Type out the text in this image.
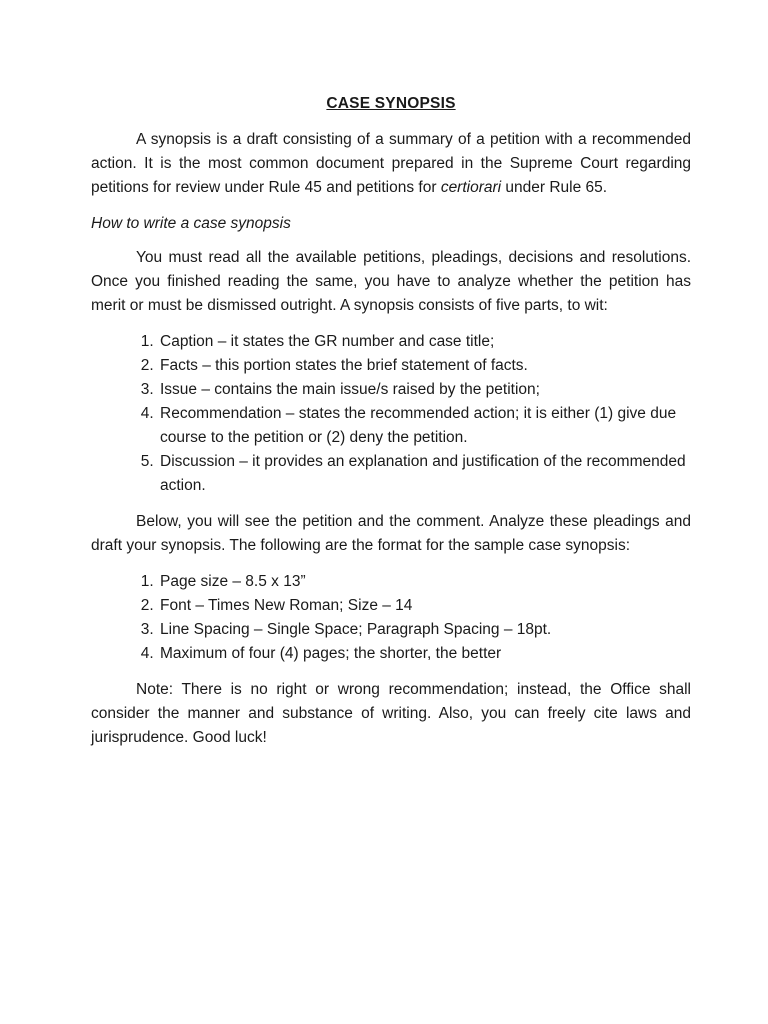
CASE SYNOPSIS

A synopsis is a draft consisting of a summary of a petition with a recommended action. It is the most common document prepared in the Supreme Court regarding petitions for review under Rule 45 and petitions for certiorari under Rule 65.

How to write a case synopsis

You must read all the available petitions, pleadings, decisions and resolutions. Once you finished reading the same, you have to analyze whether the petition has merit or must be dismissed outright. A synopsis consists of five parts, to wit:

1. Caption – it states the GR number and case title;
2. Facts – this portion states the brief statement of facts.
3. Issue – contains the main issue/s raised by the petition;
4. Recommendation – states the recommended action; it is either (1) give due course to the petition or (2) deny the petition.
5. Discussion – it provides an explanation and justification of the recommended action.

Below, you will see the petition and the comment. Analyze these pleadings and draft your synopsis. The following are the format for the sample case synopsis:

1. Page size – 8.5 x 13”
2. Font – Times New Roman; Size – 14
3. Line Spacing – Single Space; Paragraph Spacing – 18pt.
4. Maximum of four (4) pages; the shorter, the better

Note: There is no right or wrong recommendation; instead, the Office shall consider the manner and substance of writing. Also, you can freely cite laws and jurisprudence. Good luck!
